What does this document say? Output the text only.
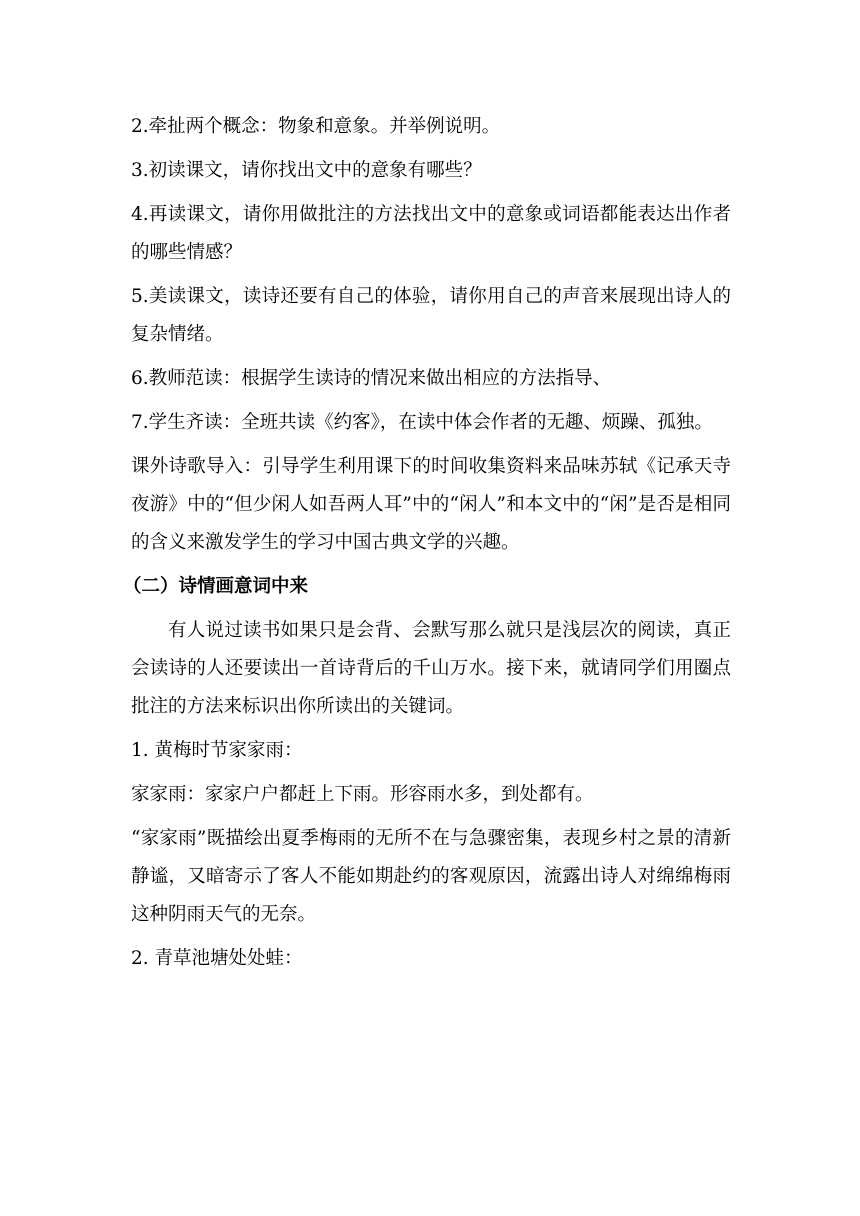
2.牵扯两个概念：物象和意象。并举例说明。

3.初读课文，请你找出文中的意象有哪些？

4.再读课文，请你用做批注的方法找出文中的意象或词语都能表达出作者的哪些情感？

5.美读课文，读诗还要有自己的体验，请你用自己的声音来展现出诗人的复杂情绪。

6.教师范读：根据学生读诗的情况来做出相应的方法指导、

7.学生齐读：全班共读《约客》，在读中体会作者的无趣、烦躁、孤独。

课外诗歌导入：引导学生利用课下的时间收集资料来品味苏轼《记承天寺夜游》中的“但少闲人如吾两人耳”中的“闲人”和本文中的“闲”是否是相同的含义来激发学生的学习中国古典文学的兴趣。

（二）诗情画意词中来

有人说过读书如果只是会背、会默写那么就只是浅层次的阅读，真正会读诗的人还要读出一首诗背后的千山万水。接下来，就请同学们用圈点批注的方法来标识出你所读出的关键词。

1. 黄梅时节家家雨：

家家雨：家家户户都赶上下雨。形容雨水多，到处都有。

“家家雨”既描绘出夏季梅雨的无所不在与急骤密集，表现乡村之景的清新静谧，又暗寄示了客人不能如期赴约的客观原因，流露出诗人对绵绵梅雨这种阴雨天气的无奈。

2. 青草池塘处处蛙：
